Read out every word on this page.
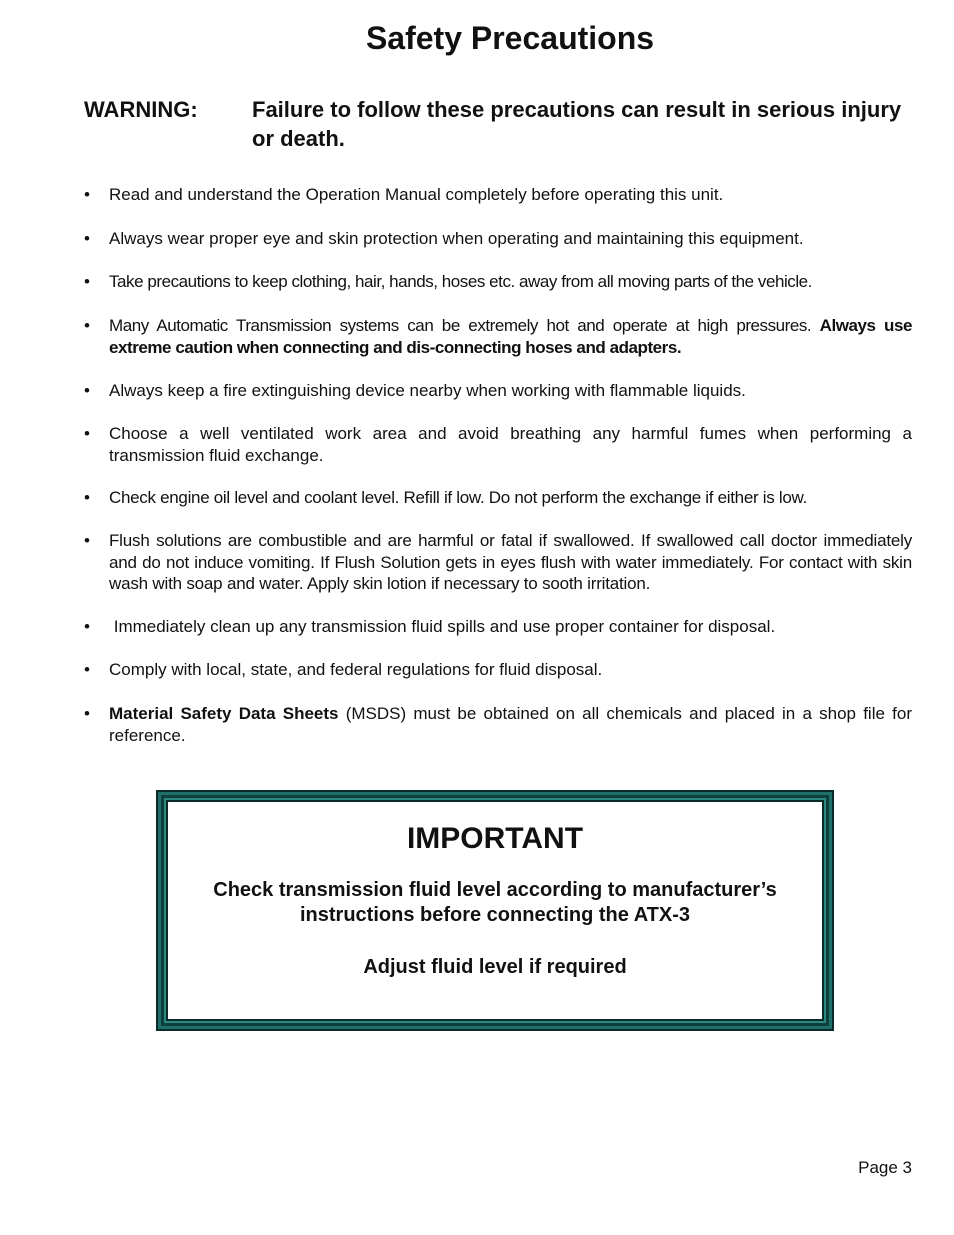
Safety Precautions
WARNING: Failure to follow these precautions can result in serious injury or death.
•	Read and understand the Operation Manual completely before operating this unit.
•	Always wear proper eye and skin protection when operating and maintaining this equipment.
•	Take precautions to keep clothing, hair, hands, hoses etc. away from all moving parts of the vehicle.
•	Many Automatic Transmission systems can be extremely hot and operate at high pressures. Always use extreme caution when connecting and dis-connecting hoses and adapters.
•	Always keep a fire extinguishing device nearby when working with flammable liquids.
•	Choose a well ventilated work area and avoid breathing any harmful fumes when performing a transmission fluid exchange.
•	Check engine oil level and coolant level. Refill if low. Do not perform the exchange if either is low.
•	Flush solutions are combustible and are harmful or fatal if swallowed. If swallowed call doctor immediately and do not induce vomiting. If Flush Solution gets in eyes flush with water immediately. For contact with skin wash with soap and water. Apply skin lotion if necessary to sooth irritation.
•	Immediately clean up any transmission fluid spills and use proper container for disposal.
•	Comply with local, state, and federal regulations for fluid disposal.
•	Material Safety Data Sheets (MSDS) must be obtained on all chemicals and placed in a shop file for reference.
IMPORTANT
Check transmission fluid level according to manufacturer’s instructions before connecting the ATX-3
Adjust fluid level if required
Page 3
